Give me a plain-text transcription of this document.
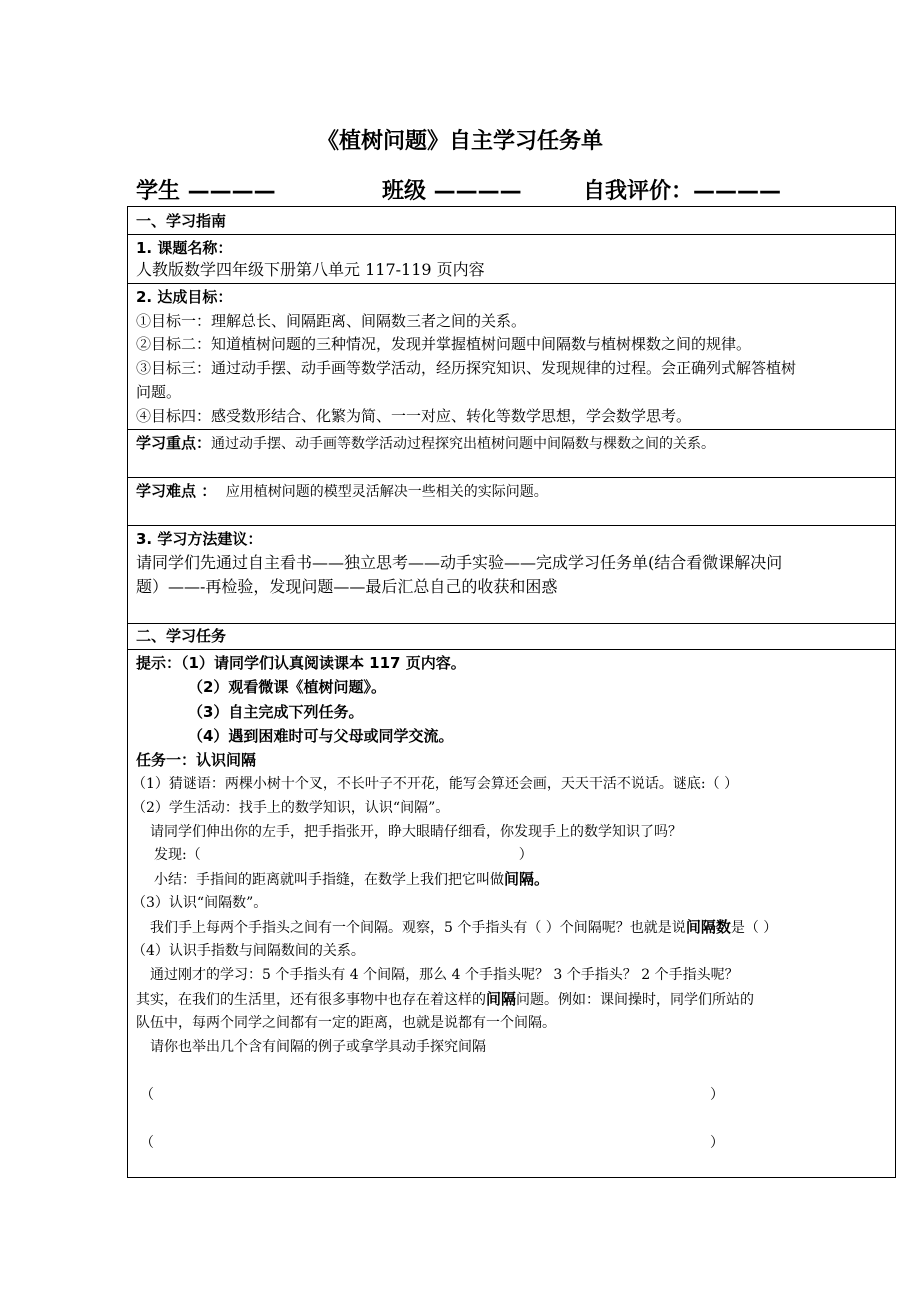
《植树问题》自主学习任务单
学生 ————	班级 ————	自我评价：————
一、学习指南
1. 课题名称：
人教版数学四年级下册第八单元 117-119 页内容
2. 达成目标：
①目标一：理解总长、间隔距离、间隔数三者之间的关系。
②目标二：知道植树问题的三种情况，发现并掌握植树问题中间隔数与植树棵数之间的规律。
③目标三：通过动手摆、动手画等数学活动，经历探究知识、发现规律的过程。会正确列式解答植树
问题。
④目标四：感受数形结合、化繁为简、一一对应、转化等数学思想，学会数学思考。
学习重点：通过动手摆、动手画等数学活动过程探究出植树问题中间隔数与棵数之间的关系。
学习难点 ： 应用植树问题的模型灵活解决一些相关的实际问题。
3. 学习方法建议：
请同学们先通过自主看书——独立思考——动手实验——完成学习任务单(结合看微课解决问
题）——-再检验，发现问题——最后汇总自己的收获和困惑
二、学习任务
提示：（1）请同学们认真阅读课本 117 页内容。
（2）观看微课《植树问题》。
（3）自主完成下列任务。
（4）遇到困难时可与父母或同学交流。
任务一：认识间隔
（1）猜谜语：两棵小树十个叉，不长叶子不开花，能写会算还会画，天天干活不说话。谜底:（ ）
（2）学生活动：找手上的数学知识，认识“间隔”。
请同学们伸出你的左手，把手指张开，睁大眼睛仔细看，你发现手上的数学知识了吗？
发现:（	）
小结：手指间的距离就叫手指缝，在数学上我们把它叫做间隔。
（3）认识“间隔数”。
我们手上每两个手指头之间有一个间隔。观察，5 个手指头有（ ）个间隔呢？也就是说间隔数是（ ）
（4）认识手指数与间隔数间的关系。
通过刚才的学习：5 个手指头有 4 个间隔，那么 4 个手指头呢？ 3 个手指头？ 2 个手指头呢？
其实，在我们的生活里，还有很多事物中也存在着这样的间隔问题。例如：课间操时，同学们所站的
队伍中，每两个同学之间都有一定的距离，也就是说都有一个间隔。
请你也举出几个含有间隔的例子或拿学具动手探究间隔
（	）
（	）
